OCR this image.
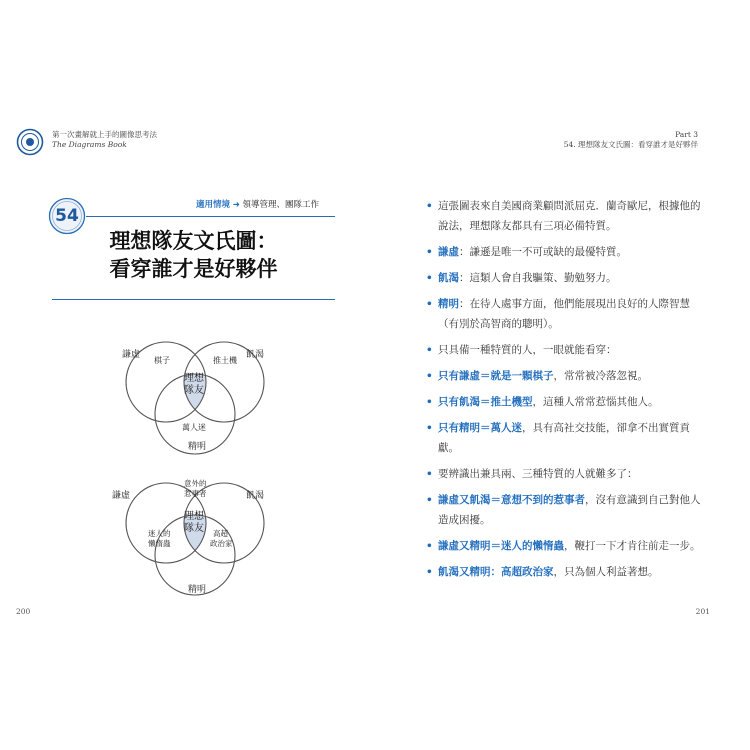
第一次畫解就上手的圖像思考法
The Diagrams Book
Part 3
54. 理想隊友文氏圖：看穿誰才是好夥伴
54
適用情境 ➜ 領導管理、團隊工作
理想隊友文氏圖：
看穿誰才是好夥伴
謙虛	飢渴
精明
棋子	推土機
萬人迷
理想
隊友
謙虛	飢渴
精明
意外的
惹事者
迷人的
懶惰蟲
高超
政治家
理想
隊友
200
• 這張圖表來自美國商業顧問派屈克．蘭奇歐尼，根據他的說法，理想隊友都具有三項必備特質。
• 謙虛：謙遜是唯一不可或缺的最優特質。
• 飢渴：這類人會自我驅策、勤勉努力。
• 精明：在待人處事方面，他們能展現出良好的人際智慧（有別於高智商的聰明）。
• 只具備一種特質的人，一眼就能看穿：
• 只有謙虛＝就是一顆棋子，常常被冷落忽視。
• 只有飢渴＝推土機型，這種人常常惹惱其他人。
• 只有精明＝萬人迷，具有高社交技能，卻拿不出實質貢獻。
• 要辨識出兼具兩、三種特質的人就難多了：
• 謙虛又飢渴＝意想不到的惹事者，沒有意識到自己對他人造成困擾。
• 謙虛又精明＝迷人的懶惰蟲，鞭打一下才肯往前走一步。
• 飢渴又精明：高超政治家，只為個人利益著想。
201
